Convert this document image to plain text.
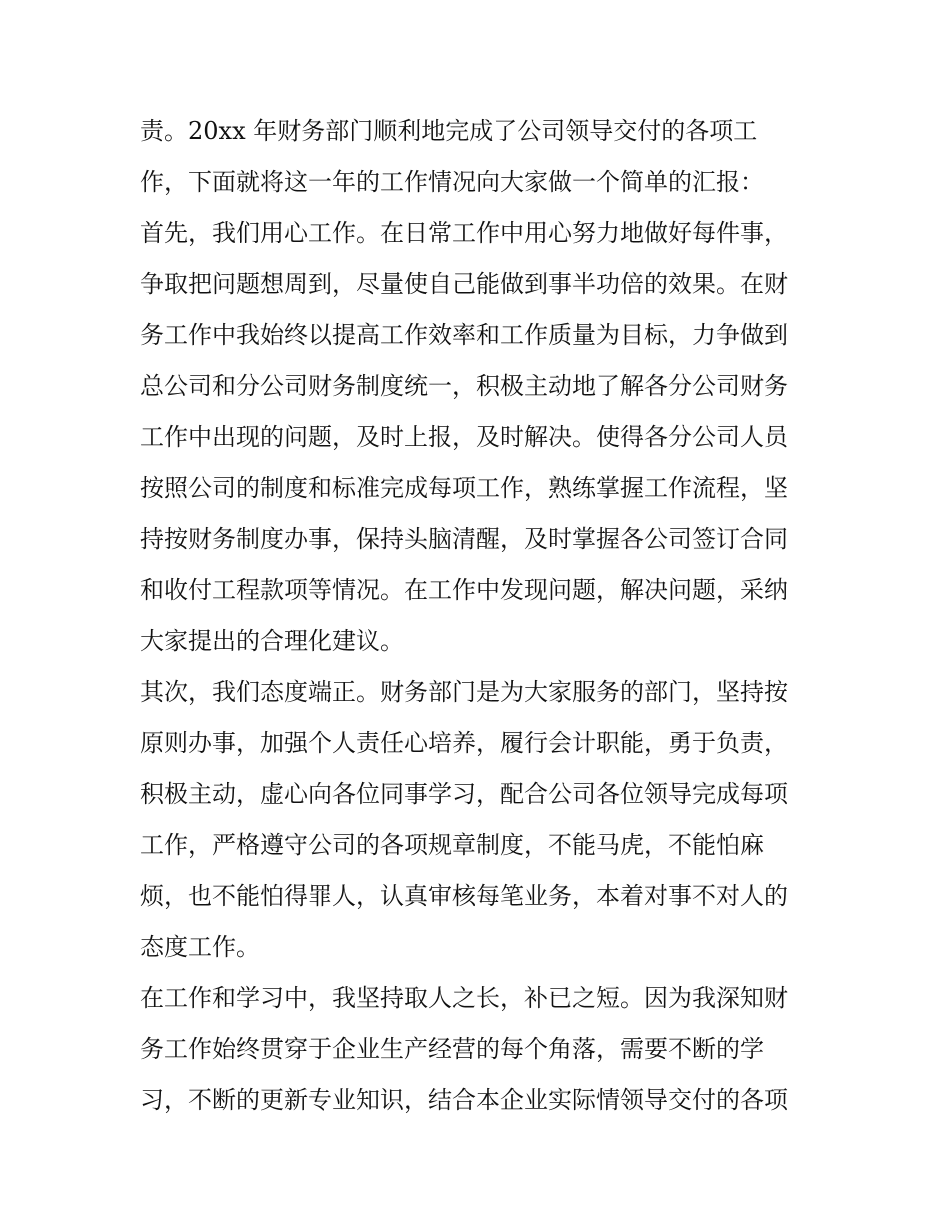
责。20xx 年财务部门顺利地完成了公司领导交付的各项工
作，下面就将这一年的工作情况向大家做一个简单的汇报：
首先，我们用心工作。在日常工作中用心努力地做好每件事，
争取把问题想周到，尽量使自己能做到事半功倍的效果。在财
务工作中我始终以提高工作效率和工作质量为目标，力争做到
总公司和分公司财务制度统一，积极主动地了解各分公司财务
工作中出现的问题，及时上报，及时解决。使得各分公司人员
按照公司的制度和标准完成每项工作，熟练掌握工作流程，坚
持按财务制度办事，保持头脑清醒，及时掌握各公司签订合同
和收付工程款项等情况。在工作中发现问题，解决问题，采纳
大家提出的合理化建议。
其次，我们态度端正。财务部门是为大家服务的部门，坚持按
原则办事，加强个人责任心培养，履行会计职能，勇于负责，
积极主动，虚心向各位同事学习，配合公司各位领导完成每项
工作，严格遵守公司的各项规章制度，不能马虎，不能怕麻
烦，也不能怕得罪人，认真审核每笔业务，本着对事不对人的
态度工作。
在工作和学习中，我坚持取人之长，补已之短。因为我深知财
务工作始终贯穿于企业生产经营的每个角落，需要不断的学
习，不断的更新专业知识，结合本企业实际情领导交付的各项
